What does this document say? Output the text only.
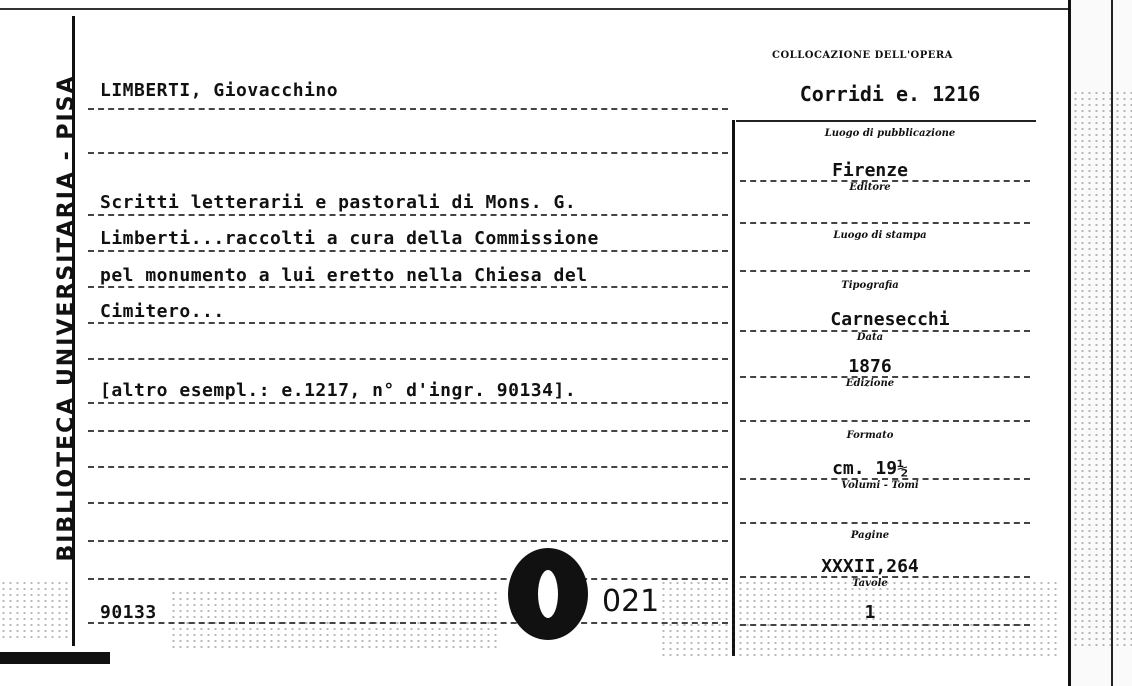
BIBLIOTECA UNIVERSITARIA - PISA LIMBERTI, Giovacchino
Scritti letterarii e pastorali di Mons. G.
Limberti...raccolti a cura della Commissione
pel monumento a lui eretto nella Chiesa del
Cimitero...
[altro esempl.: e.1217, n° d'ingr. 90134].
90133	021
COLLOCAZIONE DELL'OPERA
Corridi e. 1216
Luogo di pubblicazione
Firenze
Editore
Luogo di stampa
Tipografia
Carnesecchi
Data
1876
Edizione
Formato
cm. 19½
Volumi - Tomi
Pagine
XXXII,264
Tavole
1
